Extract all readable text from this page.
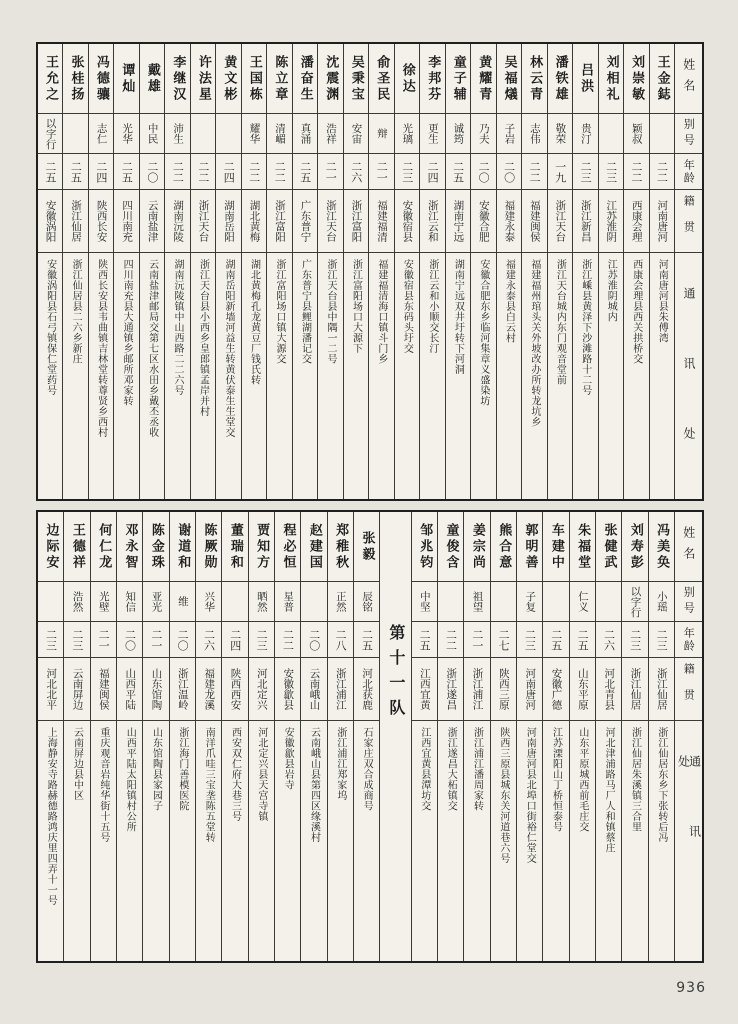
姓名
别号
年龄
籍贯
通讯处
王金鋕
二二
河南唐河
河南唐河县朱傅湾
刘崇敏
颖叔
二二
西康会理
西康会理县西关拱桥交
刘相礼
二三
江苏淮阴
江苏淮阴城内
吕洪
贵汀
二三
浙江新昌
浙江嵊县黄泽下沙滩路十二号
潘铁雄
敬荣
一九
浙江天台
浙江天台城内东门观音堂前
林云青
志伟
二二
福建闽侯
福建福州琯头关外坡改办所转龙坑乡
吴福燨
子岩
二〇
福建永泰
福建永泰县白云村
黄耀青
乃夫
二〇
安徽合肥
安徽合肥东乡临河集章义盛染坊
童子辅
诚筠
二五
湖南宁远
湖南宁远双井圩转下河洞
李邦芬
更生
二四
浙江云和
浙江云和小顺交长汀
徐达
光璃
二三
安徽宿县
安徽宿县东码头圩交
俞圣民
辩
二一
福建福清
福建福清海口镇斗门乡
吴秉宝
安宙
二六
浙江富阳
浙江富阳场口大源下
沈震渊
浩祥
二一
浙江天台
浙江天台县中隅一二号
潘奋生
真涌
二五
广东普宁
广东普宁县鲤湖潘记交
陈立章
清嵋
二二
浙江富阳
浙江富阳场口镇大源交
王国栋
耀华
二二
湖北黄梅
湖北黄梅孔龙黄豆厂钱氏转
黄文彬
二四
湖南岳阳
湖南岳阳新墙河益生转黄伏泰生生堂交
许法星
二二
浙江天台
浙江天台县小西乡皇郎镇孟岸并村
李继汉
沛生
二二
湖南沅陵
湖南沅陵镇中山西路二二六号
戴雄
中民
二〇
云南盐津
云南盐津邮局交第七区水田乡戴丕丞收
谭灿
光华
二五
四川南充
四川南充县大通镇乡邮所邓家转
冯德骧
志仁
二四
陕西长安
陕西长安县韦曲镇吉林堂转尊贤乡西村
张桂扬
二五
浙江仙居
浙江仙居县二六乡新庄
王允之
以字行
二五
安徽涡阳
安徽涡阳县石弓镇保仁堂药号
姓名
别号
年龄
籍贯
通讯处
冯美奂
小瑶
二三
浙江仙居
浙江仙居东乡下张转后冯
刘寿彭
以字行
二三
浙江仙居
浙江仙居朱溪镇三合里
张健武
二六
河北青县
河北津浦路马厂人和镇蔡庄
朱福堂
仁义
二五
山东平原
山东平原城西前毛庄交
车建中
二五
安徽广德
江苏溧阳山丁桥恒泰号
郭明善
子复
二三
河南唐河
河南唐河县北埠口街裕仁堂交
熊合意
二七
陕西三原
陕西三原县城东关河道巷六号
姜宗尚
祖望
二一
浙江浦江
浙江浦江潘周家转
童俊含
二二
浙江遂昌
浙江遂昌大柘镇交
邹兆钧
中坚
二五
江西宜黄
江西宜黄县潭坊交
第十一队
张毅
辰铭
二五
河北获鹿
石家庄双合成商号
郑稚秋
正然
二八
浙江浦江
浙江浦江郑家坞
赵建国
二〇
云南峨山
云南峨山县第四区缘溪村
程必恒
星普
二二
安徽歙县
安徽歙县岩寺
贾知方
晒然
二三
河北定兴
河北定兴县天宫寺镇
董瑞和
二四
陕西西安
西安双仁府大巷三号
陈厥勋
兴华
二六
福建龙溪
南洋爪哇三宝垄陈五堂转
谢道和
维
二〇
浙江温岭
浙江海门善模医院
陈金珠
亚光
二一
山东馆陶
山东馆陶县家园子
邓永智
知信
二〇
山西平陆
山西平陆太阳镇村公所
何仁龙
光壁
二一
福建闽侯
重庆观音岩纯华街十五号
王德祥
浩然
二三
云南屏边
云南屏边县中区
边际安
二三
河北北平
上海静安寺路赫德路鸿庆里四弄十一号
936
